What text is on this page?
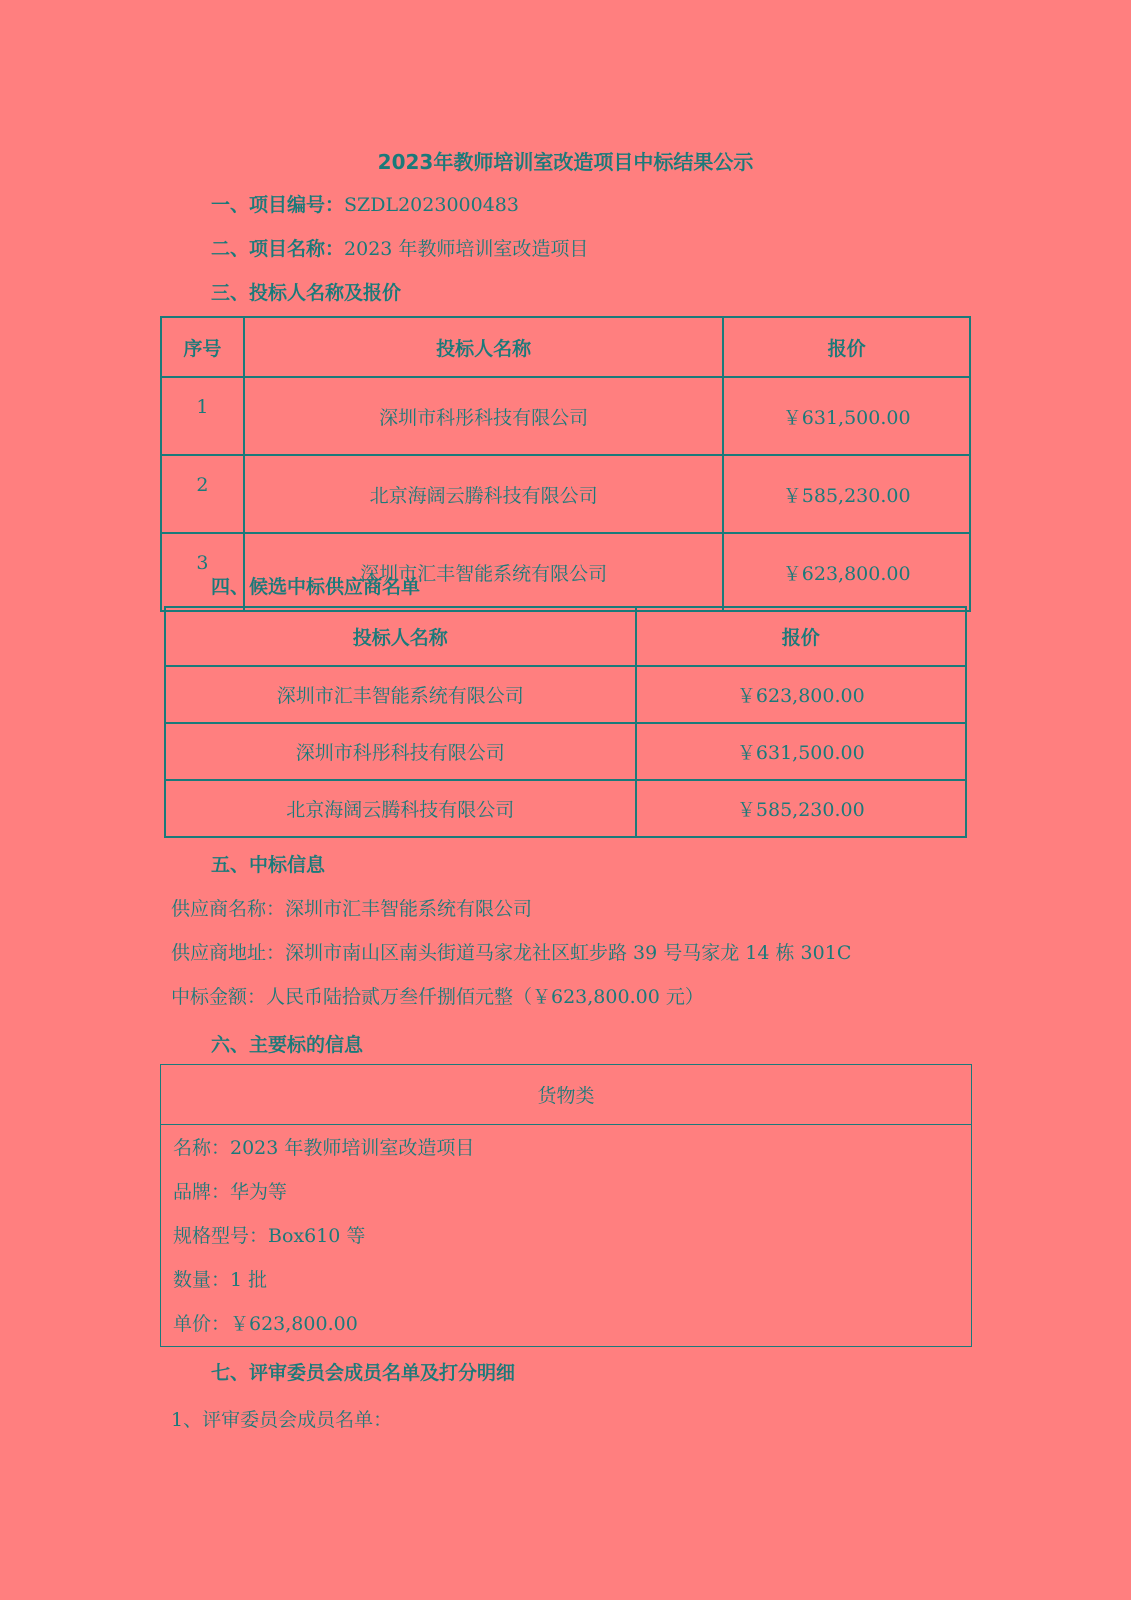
2023年教师培训室改造项目中标结果公示
一、项目编号：SZDL2023000483
二、项目名称：2023 年教师培训室改造项目
三、投标人名称及报价
序号	投标人名称	报价
1	深圳市科彤科技有限公司	￥631,500.00
2	北京海阔云腾科技有限公司	￥585,230.00
3	深圳市汇丰智能系统有限公司	￥623,800.00
四、候选中标供应商名单
投标人名称	报价
深圳市汇丰智能系统有限公司	￥623,800.00
深圳市科彤科技有限公司	￥631,500.00
北京海阔云腾科技有限公司	￥585,230.00
五、中标信息
供应商名称：深圳市汇丰智能系统有限公司
供应商地址：深圳市南山区南头街道马家龙社区虹步路 39 号马家龙 14 栋 301C
中标金额：人民币陆拾贰万叁仟捌佰元整（￥623,800.00 元）
六、主要标的信息
货物类
名称：2023 年教师培训室改造项目
品牌：华为等
规格型号：Box610 等
数量：1 批
单价：￥623,800.00
七、评审委员会成员名单及打分明细
1、评审委员会成员名单：
